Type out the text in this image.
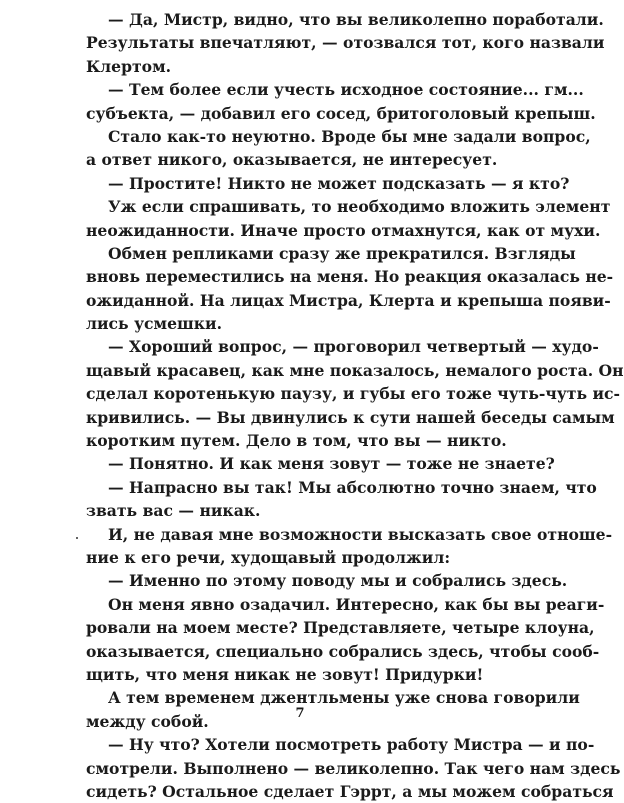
— Да, Мистр, видно, что вы великолепно поработали.
Результаты впечатляют, — отозвался тот, кого назвали
Клертом.
— Тем более если учесть исходное состояние... гм...
субъекта, — добавил его сосед, бритоголовый крепыш.
Стало как-то неуютно. Вроде бы мне задали вопрос,
а ответ никого, оказывается, не интересует.
— Простите! Никто не может подсказать — я кто?
Уж если спрашивать, то необходимо вложить элемент
неожиданности. Иначе просто отмахнутся, как от мухи.
Обмен репликами сразу же прекратился. Взгляды
вновь переместились на меня. Но реакция оказалась не-
ожиданной. На лицах Мистра, Клерта и крепыша появи-
лись усмешки.
— Хороший вопрос, — проговорил четвертый — худо-
щавый красавец, как мне показалось, немалого роста. Он
сделал коротенькую паузу, и губы его тоже чуть-чуть ис-
кривились. — Вы двинулись к сути нашей беседы самым
коротким путем. Дело в том, что вы — никто.
— Понятно. И как меня зовут — тоже не знаете?
— Напрасно вы так! Мы абсолютно точно знаем, что
звать вас — никак.
И, не давая мне возможности высказать свое отноше-
ние к его речи, худощавый продолжил:
— Именно по этому поводу мы и собрались здесь.
Он меня явно озадачил. Интересно, как бы вы реаги-
ровали на моем месте? Представляете, четыре клоуна,
оказывается, специально собрались здесь, чтобы сооб-
щить, что меня никак не зовут! Придурки!
А тем временем джентльмены уже снова говорили
между собой.
— Ну что? Хотели посмотреть работу Мистра — и по-
смотрели. Выполнено — великолепно. Так чего нам здесь
сидеть? Остальное сделает Гэррт, а мы можем собраться
7
